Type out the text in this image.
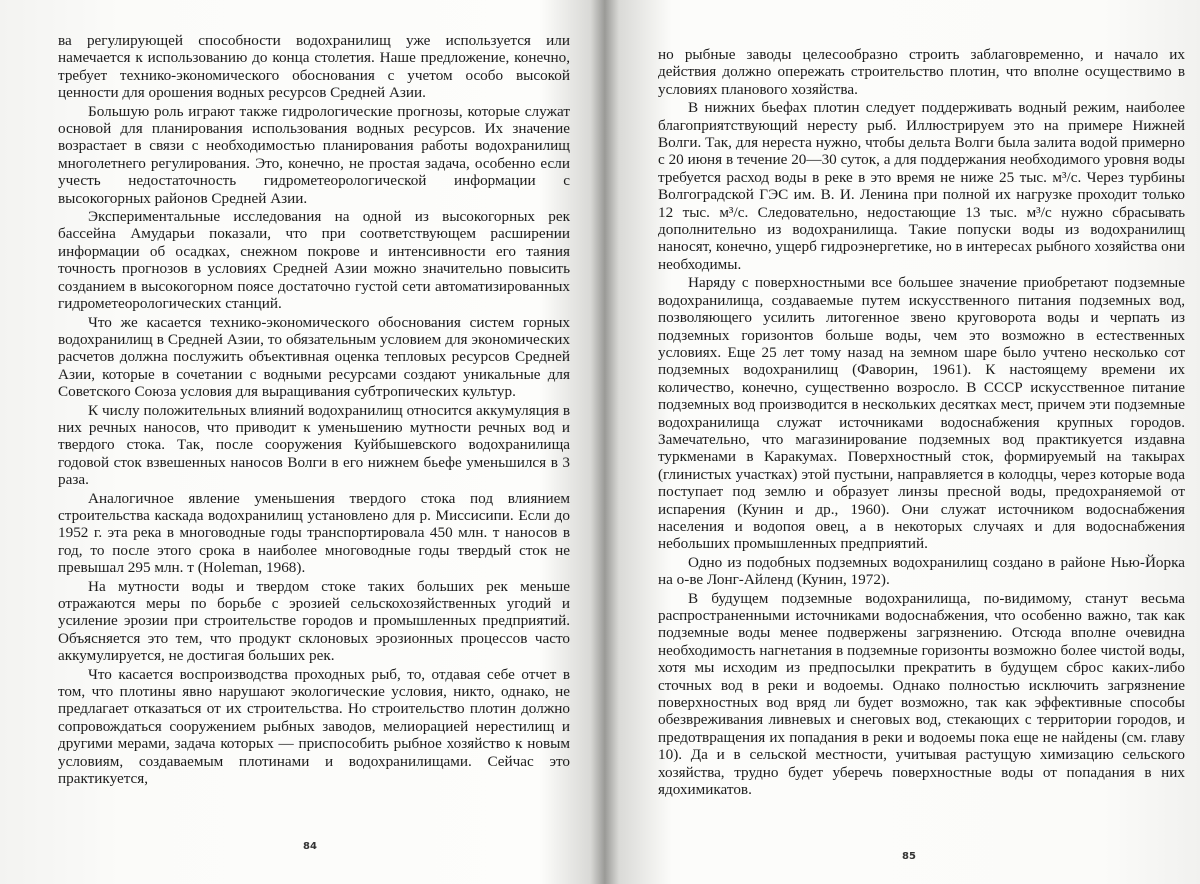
ва регулирующей способности водохранилищ уже используется или намечается к использованию до конца столетия. Наше предложение, конечно, требует технико-экономического обоснования с учетом особо высокой ценности для орошения водных ресурсов Средней Азии.

Большую роль играют также гидрологические прогнозы, которые служат основой для планирования использования водных ресурсов. Их значение возрастает в связи с необходимостью планирования работы водохранилищ многолетнего регулирования. Это, конечно, не простая задача, особенно если учесть недостаточность гидрометеорологической информации с высокогорных районов Средней Азии.

Экспериментальные исследования на одной из высокогорных рек бассейна Амударьи показали, что при соответствующем расширении информации об осадках, снежном покрове и интенсивности его таяния точность прогнозов в условиях Средней Азии можно значительно повысить созданием в высокогорном поясе достаточно густой сети автоматизированных гидрометеорологических станций.

Что же касается технико-экономического обоснования систем горных водохранилищ в Средней Азии, то обязательным условием для экономических расчетов должна послужить объективная оценка тепловых ресурсов Средней Азии, которые в сочетании с водными ресурсами создают уникальные для Советского Союза условия для выращивания субтропических культур.

К числу положительных влияний водохранилищ относится аккумуляция в них речных наносов, что приводит к уменьшению мутности речных вод и твердого стока. Так, после сооружения Куйбышевского водохранилища годовой сток взвешенных наносов Волги в его нижнем бьефе уменьшился в 3 раза.

Аналогичное явление уменьшения твердого стока под влиянием строительства каскада водохранилищ установлено для р. Миссисипи. Если до 1952 г. эта река в многоводные годы транспортировала 450 млн. т наносов в год, то после этого срока в наиболее многоводные годы твердый сток не превышал 295 млн. т (Holeman, 1968).

На мутности воды и твердом стоке таких больших рек меньше отражаются меры по борьбе с эрозией сельскохозяйственных угодий и усиление эрозии при строительстве городов и промышленных предприятий. Объясняется это тем, что продукт склоновых эрозионных процессов часто аккумулируется, не достигая больших рек.

Что касается воспроизводства проходных рыб, то, отдавая себе отчет в том, что плотины явно нарушают экологические условия, никто, однако, не предлагает отказаться от их строительства. Но строительство плотин должно сопровождаться сооружением рыбных заводов, мелиорацией нерестилищ и другими мерами, задача которых — приспособить рыбное хозяйство к новым условиям, создаваемым плотинами и водохранилищами. Сейчас это практикуется,

84

но рыбные заводы целесообразно строить заблаговременно, и начало их действия должно опережать строительство плотин, что вполне осуществимо в условиях планового хозяйства.

В нижних бьефах плотин следует поддерживать водный режим, наиболее благоприятствующий нересту рыб. Иллюстрируем это на примере Нижней Волги. Так, для нереста нужно, чтобы дельта Волги была залита водой примерно с 20 июня в течение 20—30 суток, а для поддержания необходимого уровня воды требуется расход воды в реке в это время не ниже 25 тыс. м³/с. Через турбины Волгоградской ГЭС им. В. И. Ленина при полной их нагрузке проходит только 12 тыс. м³/с. Следовательно, недостающие 13 тыс. м³/с нужно сбрасывать дополнительно из водохранилища. Такие попуски воды из водохранилищ наносят, конечно, ущерб гидроэнергетике, но в интересах рыбного хозяйства они необходимы.

Наряду с поверхностными все большее значение приобретают подземные водохранилища, создаваемые путем искусственного питания подземных вод, позволяющего усилить литогенное звено круговорота воды и черпать из подземных горизонтов больше воды, чем это возможно в естественных условиях. Еще 25 лет тому назад на земном шаре было учтено несколько сот подземных водохранилищ (Фаворин, 1961). К настоящему времени их количество, конечно, существенно возросло. В СССР искусственное питание подземных вод производится в нескольких десятках мест, причем эти подземные водохранилища служат источниками водоснабжения крупных городов. Замечательно, что магазинирование подземных вод практикуется издавна туркменами в Каракумах. Поверхностный сток, формируемый на такырах (глинистых участках) этой пустыни, направляется в колодцы, через которые вода поступает под землю и образует линзы пресной воды, предохраняемой от испарения (Кунин и др., 1960). Они служат источником водоснабжения населения и водопоя овец, а в некоторых случаях и для водоснабжения небольших промышленных предприятий.

Одно из подобных подземных водохранилищ создано в районе Нью-Йорка на о-ве Лонг-Айленд (Кунин, 1972).

В будущем подземные водохранилища, по-видимому, станут весьма распространенными источниками водоснабжения, что особенно важно, так как подземные воды менее подвержены загрязнению. Отсюда вполне очевидна необходимость нагнетания в подземные горизонты возможно более чистой воды, хотя мы исходим из предпосылки прекратить в будущем сброс каких-либо сточных вод в реки и водоемы. Однако полностью исключить загрязнение поверхностных вод вряд ли будет возможно, так как эффективные способы обезвреживания ливневых и снеговых вод, стекающих с территории городов, и предотвращения их попадания в реки и водоемы пока еще не найдены (см. главу 10). Да и в сельской местности, учитывая растущую химизацию сельского хозяйства, трудно будет уберечь поверхностные воды от попадания в них ядохимикатов.

85
